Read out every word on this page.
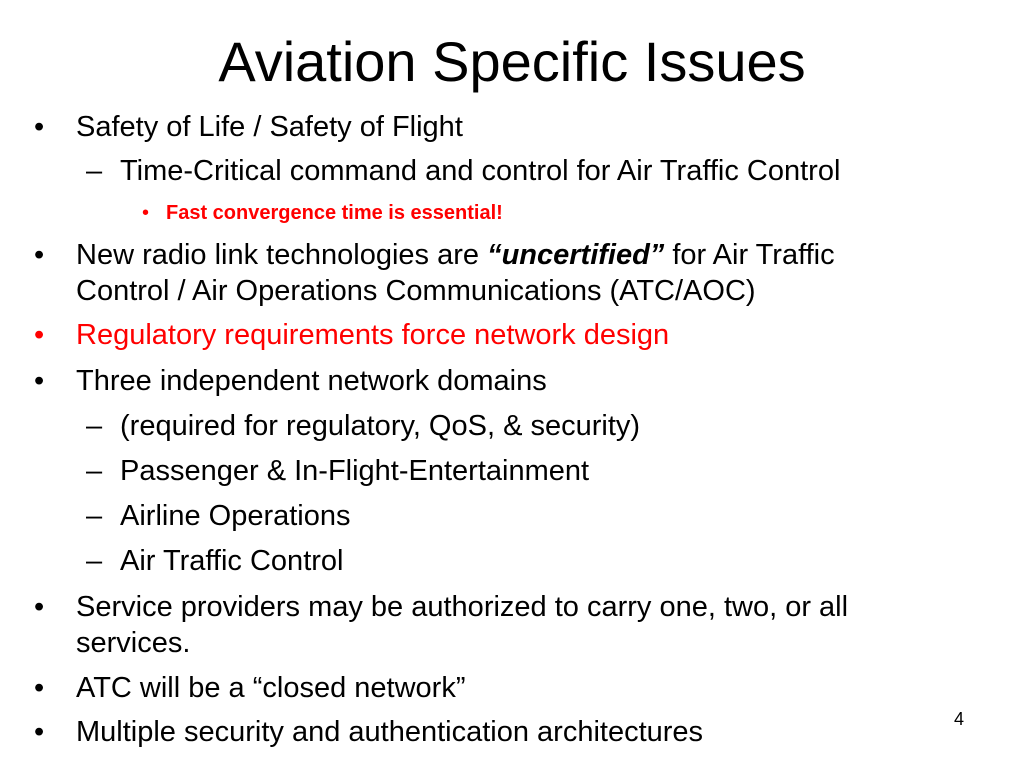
Aviation Specific Issues
• Safety of Life / Safety of Flight
– Time-Critical command and control for Air Traffic Control
• Fast convergence time is essential!
• New radio link technologies are “uncertified” for Air Traffic
Control / Air Operations Communications (ATC/AOC)
• Regulatory requirements force network design
• Three independent network domains
– (required for regulatory, QoS, & security)
– Passenger & In-Flight-Entertainment
– Airline Operations
– Air Traffic Control
• Service providers may be authorized to carry one, two, or all
services.
• ATC will be a “closed network”
• Multiple security and authentication architectures	4
